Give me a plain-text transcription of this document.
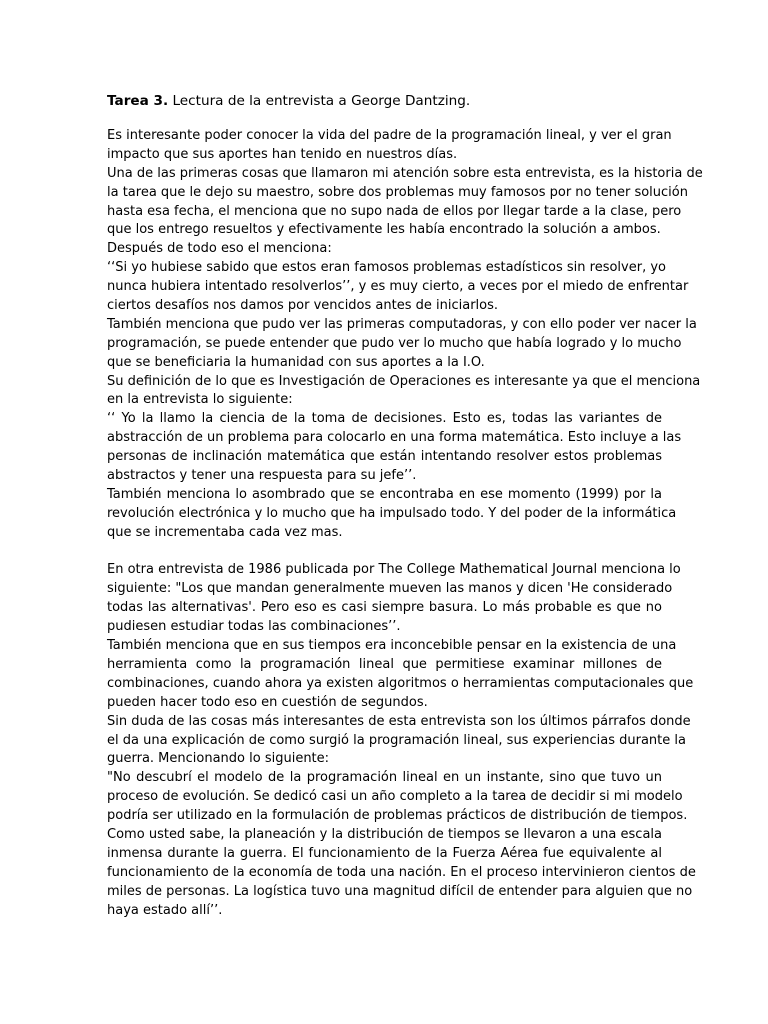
Tarea 3. Lectura de la entrevista a George Dantzing.
Es interesante poder conocer la vida del padre de la programación lineal, y ver el gran
impacto que sus aportes han tenido en nuestros días.
Una de las primeras cosas que llamaron mi atención sobre esta entrevista, es la historia de
la tarea que le dejo su maestro, sobre dos problemas muy famosos por no tener solución
hasta esa fecha, el menciona que no supo nada de ellos por llegar tarde a la clase, pero
que los entrego resueltos y efectivamente les había encontrado la solución a ambos.
Después de todo eso el menciona:
‘‘Si yo hubiese sabido que estos eran famosos problemas estadísticos sin resolver, yo
nunca hubiera intentado resolverlos’’, y es muy cierto, a veces por el miedo de enfrentar
ciertos desafíos nos damos por vencidos antes de iniciarlos.
También menciona que pudo ver las primeras computadoras, y con ello poder ver nacer la
programación, se puede entender que pudo ver lo mucho que había logrado y lo mucho
que se beneficiaria la humanidad con sus aportes a la I.O.
Su definición de lo que es Investigación de Operaciones es interesante ya que el menciona
en la entrevista lo siguiente:
‘‘ Yo la llamo la ciencia de la toma de decisiones. Esto es, todas las variantes de
abstracción de un problema para colocarlo en una forma matemática. Esto incluye a las
personas de inclinación matemática que están intentando resolver estos problemas
abstractos y tener una respuesta para su jefe’’.
También menciona lo asombrado que se encontraba en ese momento (1999) por la
revolución electrónica y lo mucho que ha impulsado todo. Y del poder de la informática
que se incrementaba cada vez mas.
En otra entrevista de 1986 publicada por The College Mathematical Journal menciona lo
siguiente: "Los que mandan generalmente mueven las manos y dicen 'He considerado
todas las alternativas'. Pero eso es casi siempre basura. Lo más probable es que no
pudiesen estudiar todas las combinaciones’’.
También menciona que en sus tiempos era inconcebible pensar en la existencia de una
herramienta como la programación lineal que permitiese examinar millones de
combinaciones, cuando ahora ya existen algoritmos o herramientas computacionales que
pueden hacer todo eso en cuestión de segundos.
Sin duda de las cosas más interesantes de esta entrevista son los últimos párrafos donde
el da una explicación de como surgió la programación lineal, sus experiencias durante la
guerra. Mencionando lo siguiente:
"No descubrí el modelo de la programación lineal en un instante, sino que tuvo un
proceso de evolución. Se dedicó casi un año completo a la tarea de decidir si mi modelo
podría ser utilizado en la formulación de problemas prácticos de distribución de tiempos.
Como usted sabe, la planeación y la distribución de tiempos se llevaron a una escala
inmensa durante la guerra. El funcionamiento de la Fuerza Aérea fue equivalente al
funcionamiento de la economía de toda una nación. En el proceso intervinieron cientos de
miles de personas. La logística tuvo una magnitud difícil de entender para alguien que no
haya estado allí’’.
